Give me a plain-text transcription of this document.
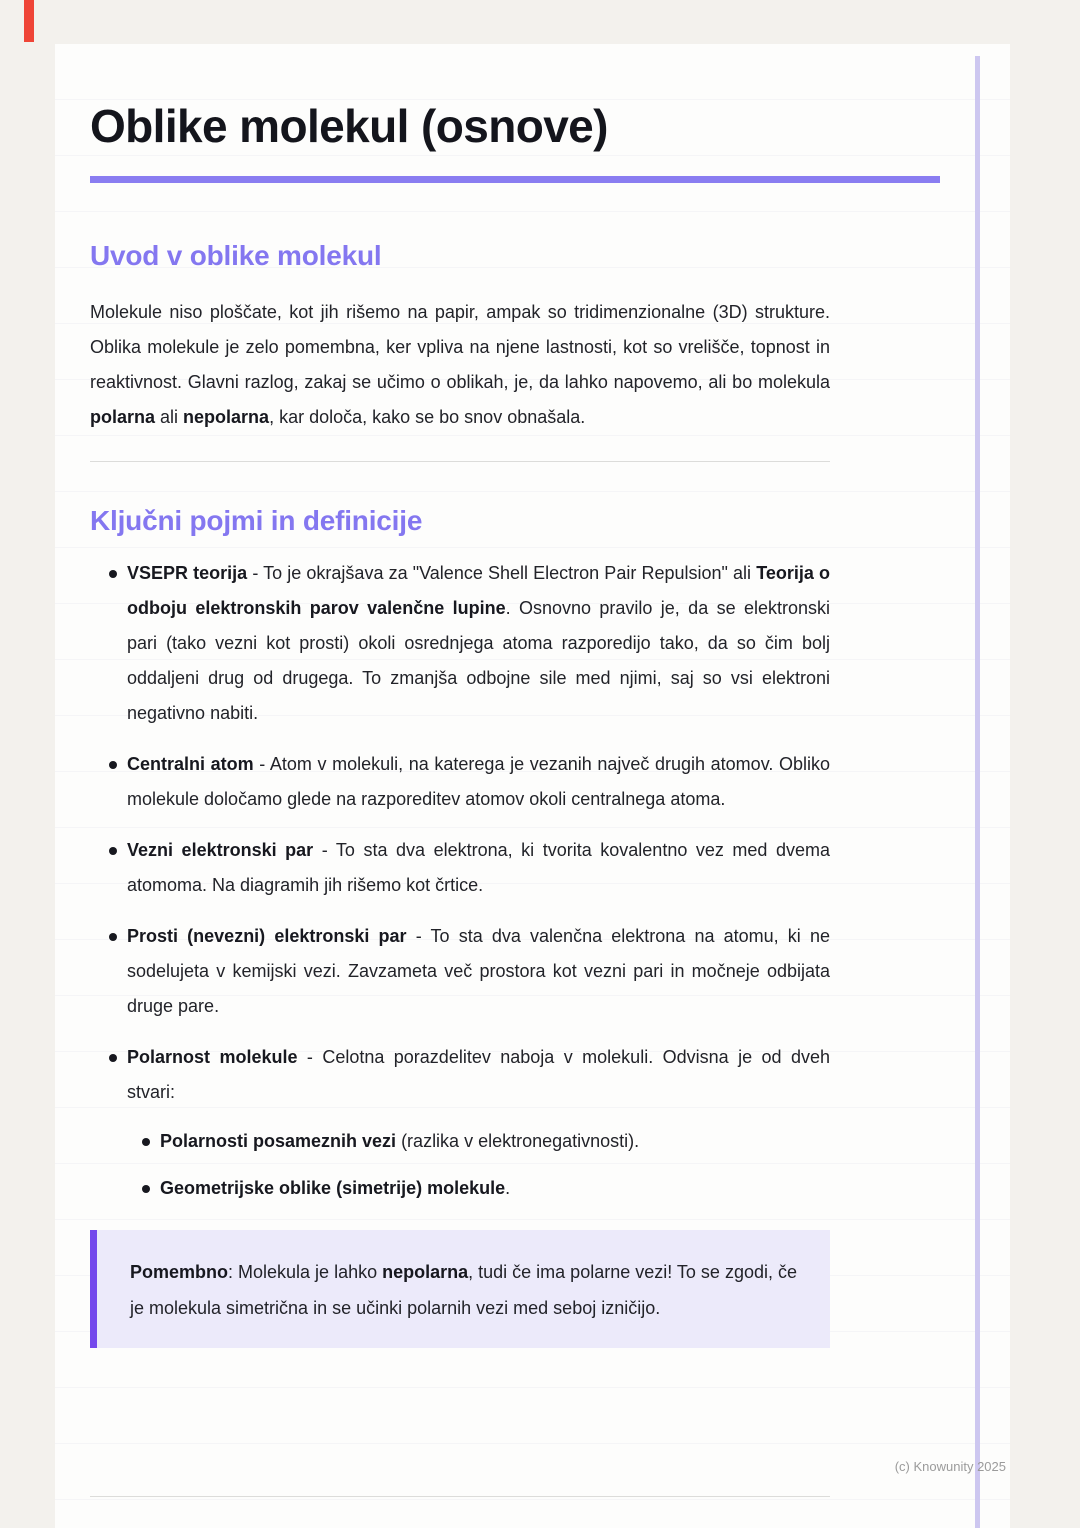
Oblike molekul (osnove)
Uvod v oblike molekul

Molekule niso ploščate, kot jih rišemo na papir, ampak so tridimenzionalne (3D) strukture. Oblika molekule je zelo pomembna, ker vpliva na njene lastnosti, kot so vrelišče, topnost in reaktivnost. Glavni razlog, zakaj se učimo o oblikah, je, da lahko napovemo, ali bo molekula polarna ali nepolarna, kar določa, kako se bo snov obnašala.

Ključni pojmi in definicije
VSEPR teorija - To je okrajšava za "Valence Shell Electron Pair Repulsion" ali Teorija o odboju elektronskih parov valenčne lupine. Osnovno pravilo je, da se elektronski pari (tako vezni kot prosti) okoli osrednjega atoma razporedijo tako, da so čim bolj oddaljeni drug od drugega. To zmanjša odbojne sile med njimi, saj so vsi elektroni negativno nabiti.
Centralni atom - Atom v molekuli, na katerega je vezanih največ drugih atomov. Obliko molekule določamo glede na razporeditev atomov okoli centralnega atoma.
Vezni elektronski par - To sta dva elektrona, ki tvorita kovalentno vez med dvema atomoma. Na diagramih jih rišemo kot črtice.
Prosti (nevezni) elektronski par - To sta dva valenčna elektrona na atomu, ki ne sodelujeta v kemijski vezi. Zavzameta več prostora kot vezni pari in močneje odbijata druge pare.
Polarnost molekule - Celotna porazdelitev naboja v molekuli. Odvisna je od dveh stvari:
Polarnosti posameznih vezi (razlika v elektronegativnosti).
Geometrijske oblike (simetrije) molekule.

Pomembno: Molekula je lahko nepolarna, tudi če ima polarne vezi! To se zgodi, če je molekula simetrična in se učinki polarnih vezi med seboj izničijo.

(c) Knowunity 2025
